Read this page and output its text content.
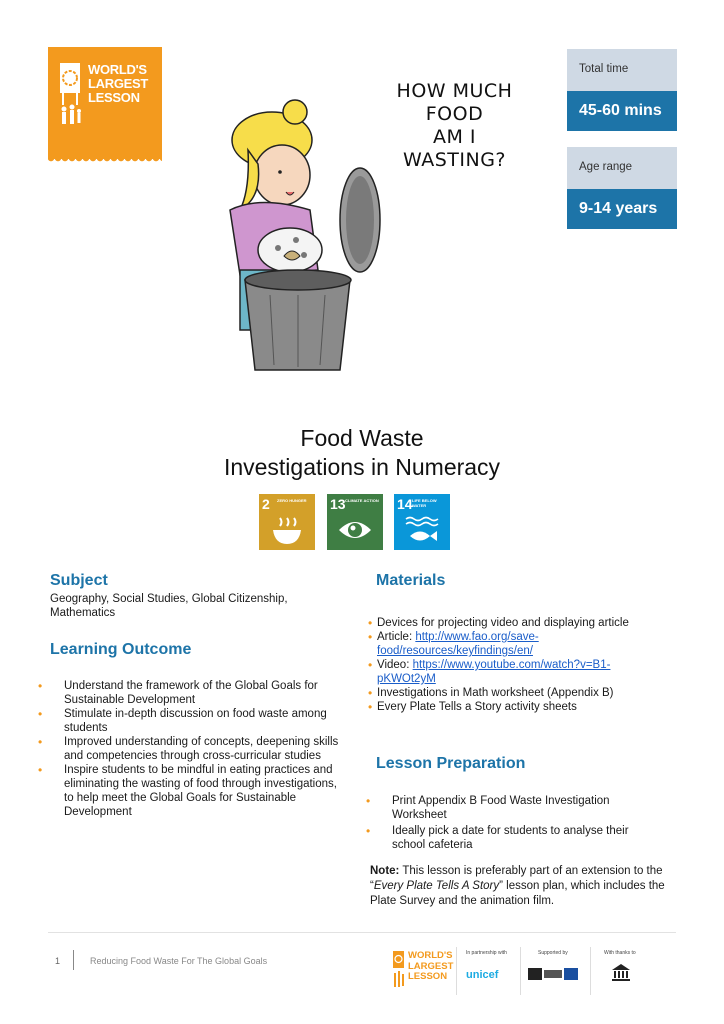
WORLD'S
LARGEST
LESSON	HOW MUCH
FOOD
AM I
WASTING?
Total time
45-60 mins
Age range
9-14 years
Food Waste
Investigations in Numeracy
2 ZERO HUNGER	13 CLIMATE ACTION 14 LIFE BELOW WATER
Subject
Geography, Social Studies, Global Citizenship, Mathematics
Learning Outcome
• Understand the framework of the Global Goals for Sustainable Development
• Stimulate in-depth discussion on food waste among students
• Improved understanding of concepts, deepening skills and competencies through cross-curricular studies
• Inspire students to be mindful in eating practices and eliminating the wasting of food through investigations, to help meet the Global Goals for Sustainable Development
Materials
• Devices for projecting video and displaying article
• Article: http://www.fao.org/save-food/resources/keyfindings/en/
• Video: https://www.youtube.com/watch?v=B1-pKWOt2yM
• Investigations in Math worksheet (Appendix B)
• Every Plate Tells a Story activity sheets
Lesson Preparation
• Print Appendix B Food Waste Investigation Worksheet
• Ideally pick a date for students to analyse their school cafeteria
Note: This lesson is preferably part of an extension to the “Every Plate Tells A Story” lesson plan, which includes the Plate Survey and the animation film.
1	Reducing Food Waste For The Global Goals	WORLD'S
LARGEST
LESSON
In partnership with
unicef
Supported by	With thanks to
